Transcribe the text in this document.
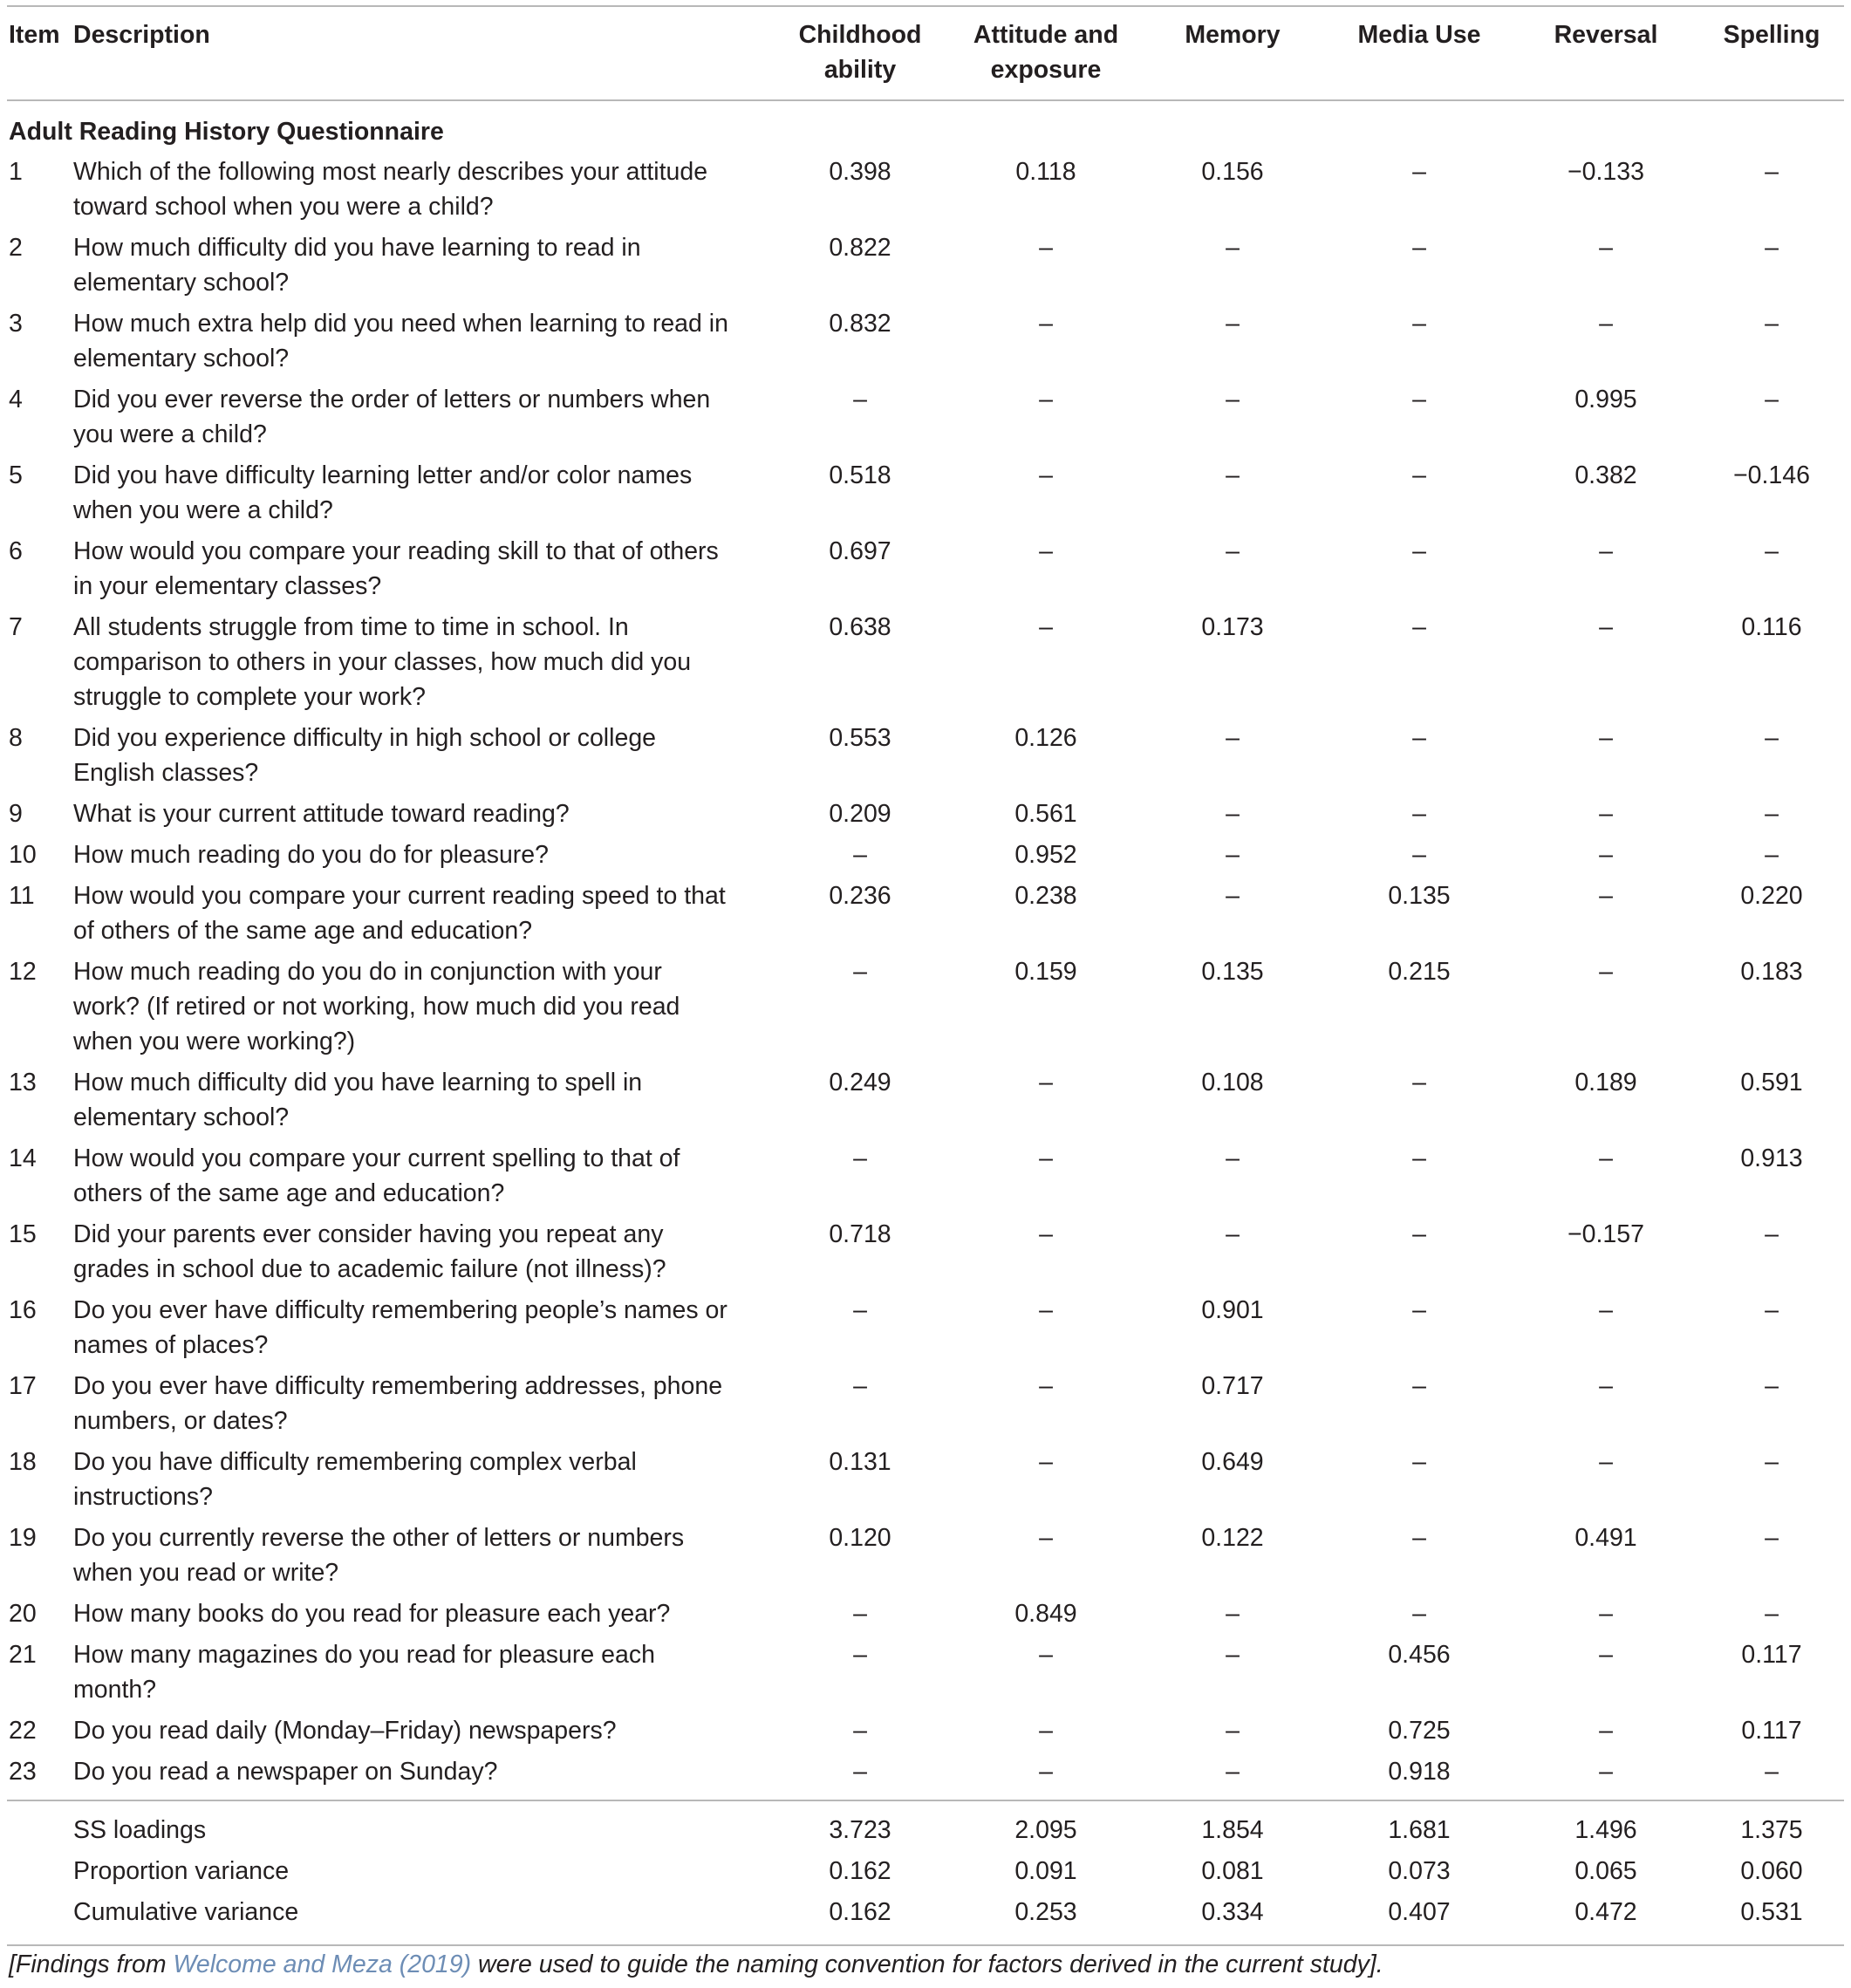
Item	Description	Childhood ability	Attitude and exposure	Memory	Media Use	Reversal	Spelling
Adult Reading History Questionnaire							
1	Which of the following most nearly describes your attitude toward school when you were a child?	0.398	0.118	0.156	–	−0.133	–
2	How much difficulty did you have learning to read in elementary school?	0.822	–	–	–	–	–
3	How much extra help did you need when learning to read in elementary school?	0.832	–	–	–	–	–
4	Did you ever reverse the order of letters or numbers when you were a child?	–	–	–	–	0.995	–
5	Did you have difficulty learning letter and/or color names when you were a child?	0.518	–	–	–	0.382	−0.146
6	How would you compare your reading skill to that of others in your elementary classes?	0.697	–	–	–	–	–
7	All students struggle from time to time in school. In comparison to others in your classes, how much did you struggle to complete your work?	0.638	–	0.173	–	–	0.116
8	Did you experience difficulty in high school or college English classes?	0.553	0.126	–	–	–	–
9	What is your current attitude toward reading?	0.209	0.561	–	–	–	–
10	How much reading do you do for pleasure?	–	0.952	–	–	–	–
11	How would you compare your current reading speed to that of others of the same age and education?	0.236	0.238	–	0.135	–	0.220
12	How much reading do you do in conjunction with your work? (If retired or not working, how much did you read when you were working?)	–	0.159	0.135	0.215	–	0.183
13	How much difficulty did you have learning to spell in elementary school?	0.249	–	0.108	–	0.189	0.591
14	How would you compare your current spelling to that of others of the same age and education?	–	–	–	–	–	0.913
15	Did your parents ever consider having you repeat any grades in school due to academic failure (not illness)?	0.718	–	–	–	−0.157	–
16	Do you ever have difficulty remembering people’s names or names of places?	–	–	0.901	–	–	–
17	Do you ever have difficulty remembering addresses, phone numbers, or dates?	–	–	0.717	–	–	–
18	Do you have difficulty remembering complex verbal instructions?	0.131	–	0.649	–	–	–
19	Do you currently reverse the other of letters or numbers when you read or write?	0.120	–	0.122	–	0.491	–
20	How many books do you read for pleasure each year?	–	0.849	–	–	–	–
21	How many magazines do you read for pleasure each month?	–	–	–	0.456	–	0.117
22	Do you read daily (Monday–Friday) newspapers?	–	–	–	0.725	–	0.117
23	Do you read a newspaper on Sunday?	–	–	–	0.918	–	–
	SS loadings	3.723	2.095	1.854	1.681	1.496	1.375
	Proportion variance	0.162	0.091	0.081	0.073	0.065	0.060
	Cumulative variance	0.162	0.253	0.334	0.407	0.472	0.531
[Findings from Welcome and Meza (2019) were used to guide the naming convention for factors derived in the current study].
